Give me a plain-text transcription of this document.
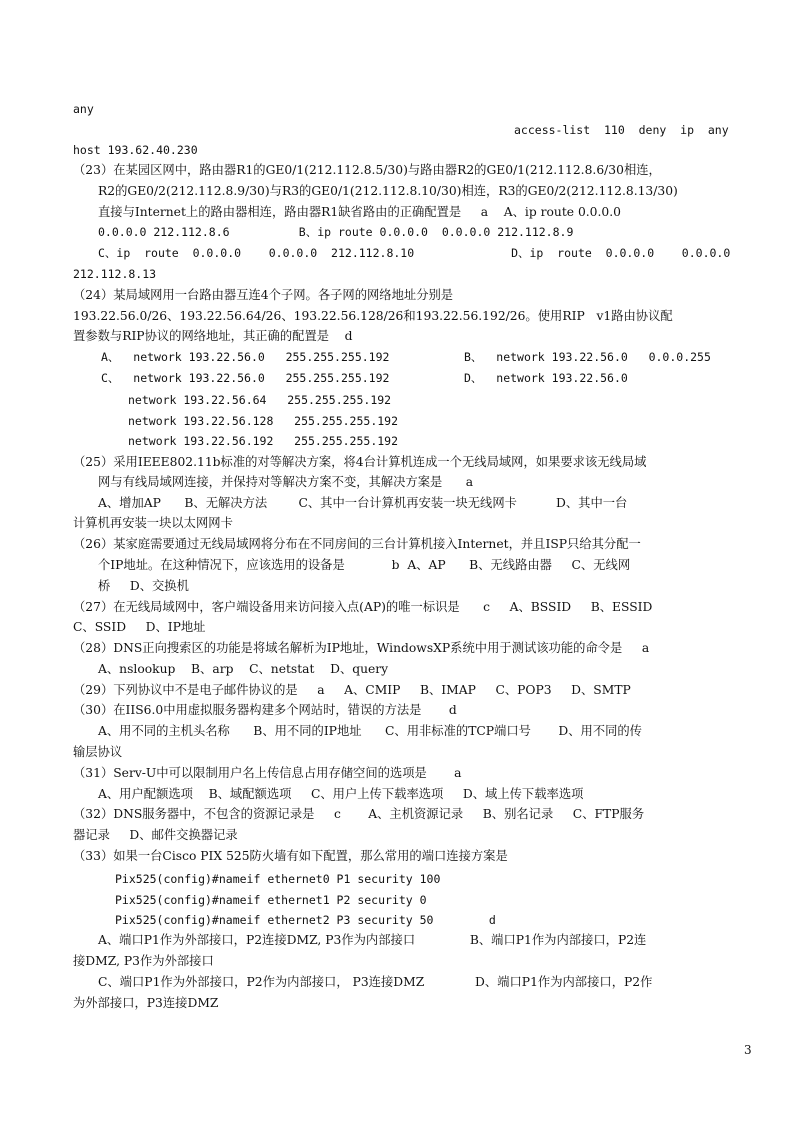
any
access-list  110  deny  ip  any
host 193.62.40.230
（23）在某园区网中，路由器R1的GE0/1(212.112.8.5/30)与路由器R2的GE0/1(212.112.8.6/30相连，
R2的GE0/2(212.112.8.9/30)与R3的GE0/1(212.112.8.10/30)相连，R3的GE0/2(212.112.8.13/30)
直接与Internet上的路由器相连，路由器R1缺省路由的正确配置是     a    A、ip route 0.0.0.0
0.0.0.0 212.112.8.6          B、ip route 0.0.0.0  0.0.0.0 212.112.8.9
C、ip  route  0.0.0.0    0.0.0.0  212.112.8.10              D、ip  route  0.0.0.0    0.0.0.0
212.112.8.13
（24）某局域网用一台路由器互连4个子网。各子网的网络地址分别是
193.22.56.0/26、193.22.56.64/26、193.22.56.128/26和193.22.56.192/26。使用RIP   v1路由协议配
置参数与RIP协议的网络地址，其正确的配置是    d
A、  network 193.22.56.0   255.255.255.192	B、  network 193.22.56.0   0.0.0.255
C、  network 193.22.56.0   255.255.255.192	D、  network 193.22.56.0
network 193.22.56.64   255.255.255.192
network 193.22.56.128   255.255.255.192
network 193.22.56.192   255.255.255.192
（25）采用IEEE802.11b标准的对等解决方案，将4台计算机连成一个无线局域网，如果要求该无线局域
网与有线局域网连接，并保持对等解决方案不变，其解决方案是      a
A、增加AP      B、无解决方法        C、其中一台计算机再安装一块无线网卡          D、其中一台
计算机再安装一块以太网网卡
（26）某家庭需要通过无线局域网将分布在不同房间的三台计算机接入Internet，并且ISP只给其分配一
个IP地址。在这种情况下，应该选用的设备是            b  A、AP      B、无线路由器     C、无线网
桥     D、交换机
（27）在无线局域网中，客户端设备用来访问接入点(AP)的唯一标识是      c     A、BSSID     B、ESSID
C、SSID     D、IP地址
（28）DNS正向搜索区的功能是将域名解析为IP地址，WindowsXP系统中用于测试该功能的命令是     a
A、nslookup    B、arp    C、netstat    D、query
（29）下列协议中不是电子邮件协议的是     a     A、CMIP     B、IMAP     C、POP3     D、SMTP
（30）在IIS6.0中用虚拟服务器构建多个网站时，错误的方法是       d
A、用不同的主机头名称      B、用不同的IP地址      C、用非标准的TCP端口号       D、用不同的传
输层协议
（31）Serv-U中可以限制用户名上传信息占用存储空间的选项是       a
A、用户配额选项    B、域配额选项     C、用户上传下载率选项     D、域上传下载率选项
（32）DNS服务器中，不包含的资源记录是     c       A、主机资源记录     B、别名记录     C、FTP服务
器记录     D、邮件交换器记录
（33）如果一台Cisco PIX 525防火墙有如下配置，那么常用的端口连接方案是
Pix525(config)#nameif ethernet0 P1 security 100
Pix525(config)#nameif ethernet1 P2 security 0
Pix525(config)#nameif ethernet2 P3 security 50        d
A、端口P1作为外部接口，P2连接DMZ, P3作为内部接口              B、端口P1作为内部接口，P2连
接DMZ, P3作为外部接口
C、端口P1作为外部接口，P2作为内部接口， P3连接DMZ             D、端口P1作为内部接口，P2作
为外部接口，P3连接DMZ
3
